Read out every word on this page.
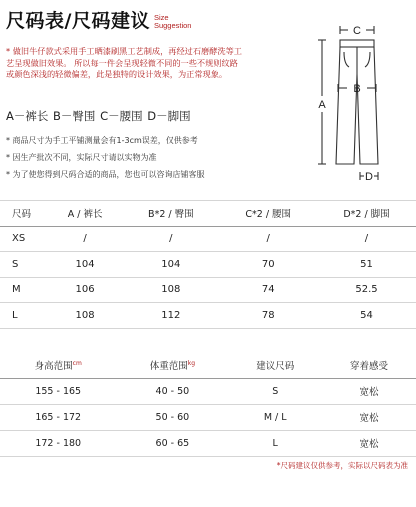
尺码表/尺码建议 Size
Suggestion
* 做旧牛仔款式采用手工晒漆刷黑工艺制成，再经过石磨酵洗等工艺呈现做旧效果。 所以每一件会呈现轻微不同的一些不规则纹路或颜色深浅的轻微偏差，此是独特的设计效果，为正常现象。
A－裤长 B－臀围 C－腰围 D－脚围
* 商品尺寸为手工平铺测量会有1-3cm误差，仅供参考
* 因生产批次不同，实际尺寸请以实物为准
* 为了使您得到尺码合适的商品，您也可以咨询店铺客服
C
B
A
D
尺码	A / 裤长	B*2 / 臀围	C*2 / 腰围	D*2 / 脚围
XS	/	/	/	/
S	104	104	70	51
M	106	108	74	52.5
L	108	112	78	54
身高范围$^{cm}$	体重范围$^{kg}$	建议尺码	穿着感受
155 - 165	40 - 50	S	宽松
165 - 172	50 - 60	M / L	宽松
172 - 180	60 - 65	L	宽松
*尺码建议仅供参考，实际以尺码表为准
